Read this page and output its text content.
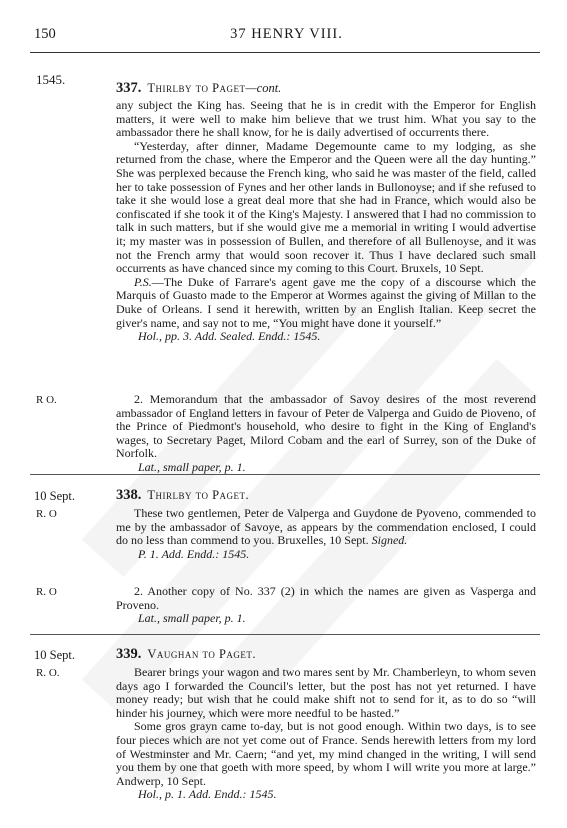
150	37 HENRY VIII.
1545.
337. Thirlby to Paget—cont.

any subject the King has. Seeing that he is in credit with the Emperor for English matters, it were well to make him believe that we trust him. What you say to the ambassador there he shall know, for he is daily advertised of occurrents there.

“Yesterday, after dinner, Madame Degemounte came to my lodging, as she returned from the chase, where the Emperor and the Queen were all the day hunting.” She was perplexed because the French king, who said he was master of the field, called her to take possession of Fynes and her other lands in Bullonoyse; and if she refused to take it she would lose a great deal more that she had in France, which would also be confiscated if she took it of the King's Majesty. I answered that I had no commission to talk in such matters, but if she would give me a memorial in writing I would advertise it; my master was in possession of Bullen, and therefore of all Bullenoyse, and it was not the French army that would soon recover it. Thus I have declared such small occurrents as have chanced since my coming to this Court. Bruxels, 10 Sept.

P.S.—The Duke of Farrare's agent gave me the copy of a discourse which the Marquis of Guasto made to the Emperor at Wormes against the giving of Millan to the Duke of Orleans. I send it herewith, written by an English Italian. Keep secret the giver's name, and say not to me, “You might have done it yourself.”

Hol., pp. 3. Add. Sealed. Endd.: 1545.

R O.	2. Memorandum that the ambassador of Savoy desires of the most reverend ambassador of England letters in favour of Peter de Valperga and Guido de Pioveno, of the Prince of Piedmont's household, who desire to fight in the King of England's wages, to Secretary Paget, Milord Cobam and the earl of Surrey, son of the Duke of Norfolk.

Lat., small paper, p. 1.

10 Sept.	338. Thirlby to Paget.
R. O	These two gentlemen, Peter de Valperga and Guydone de Pyoveno, commended to me by the ambassador of Savoye, as appears by the commendation enclosed, I could do no less than commend to you. Bruxelles, 10 Sept. Signed.

P. 1. Add. Endd.: 1545.

R. O	2. Another copy of No. 337 (2) in which the names are given as Vasperga and Proveno.

Lat., small paper, p. 1.

10 Sept.	339. Vaughan to Paget.
R. O.	Bearer brings your wagon and two mares sent by Mr. Chamberleyn, to whom seven days ago I forwarded the Council's letter, but the post has not yet returned. I have money ready; but wish that he could make shift not to send for it, as to do so “will hinder his journey, which were more needful to be hasted.”

Some gros grayn came to-day, but is not good enough. Within two days, is to see four pieces which are not yet come out of France. Sends herewith letters from my lord of Westminster and Mr. Caern; “and yet, my mind changed in the writing, I will send you them by one that goeth with more speed, by whom I will write you more at large.” Andwerp, 10 Sept.

Hol., p. 1. Add. Endd.: 1545.
